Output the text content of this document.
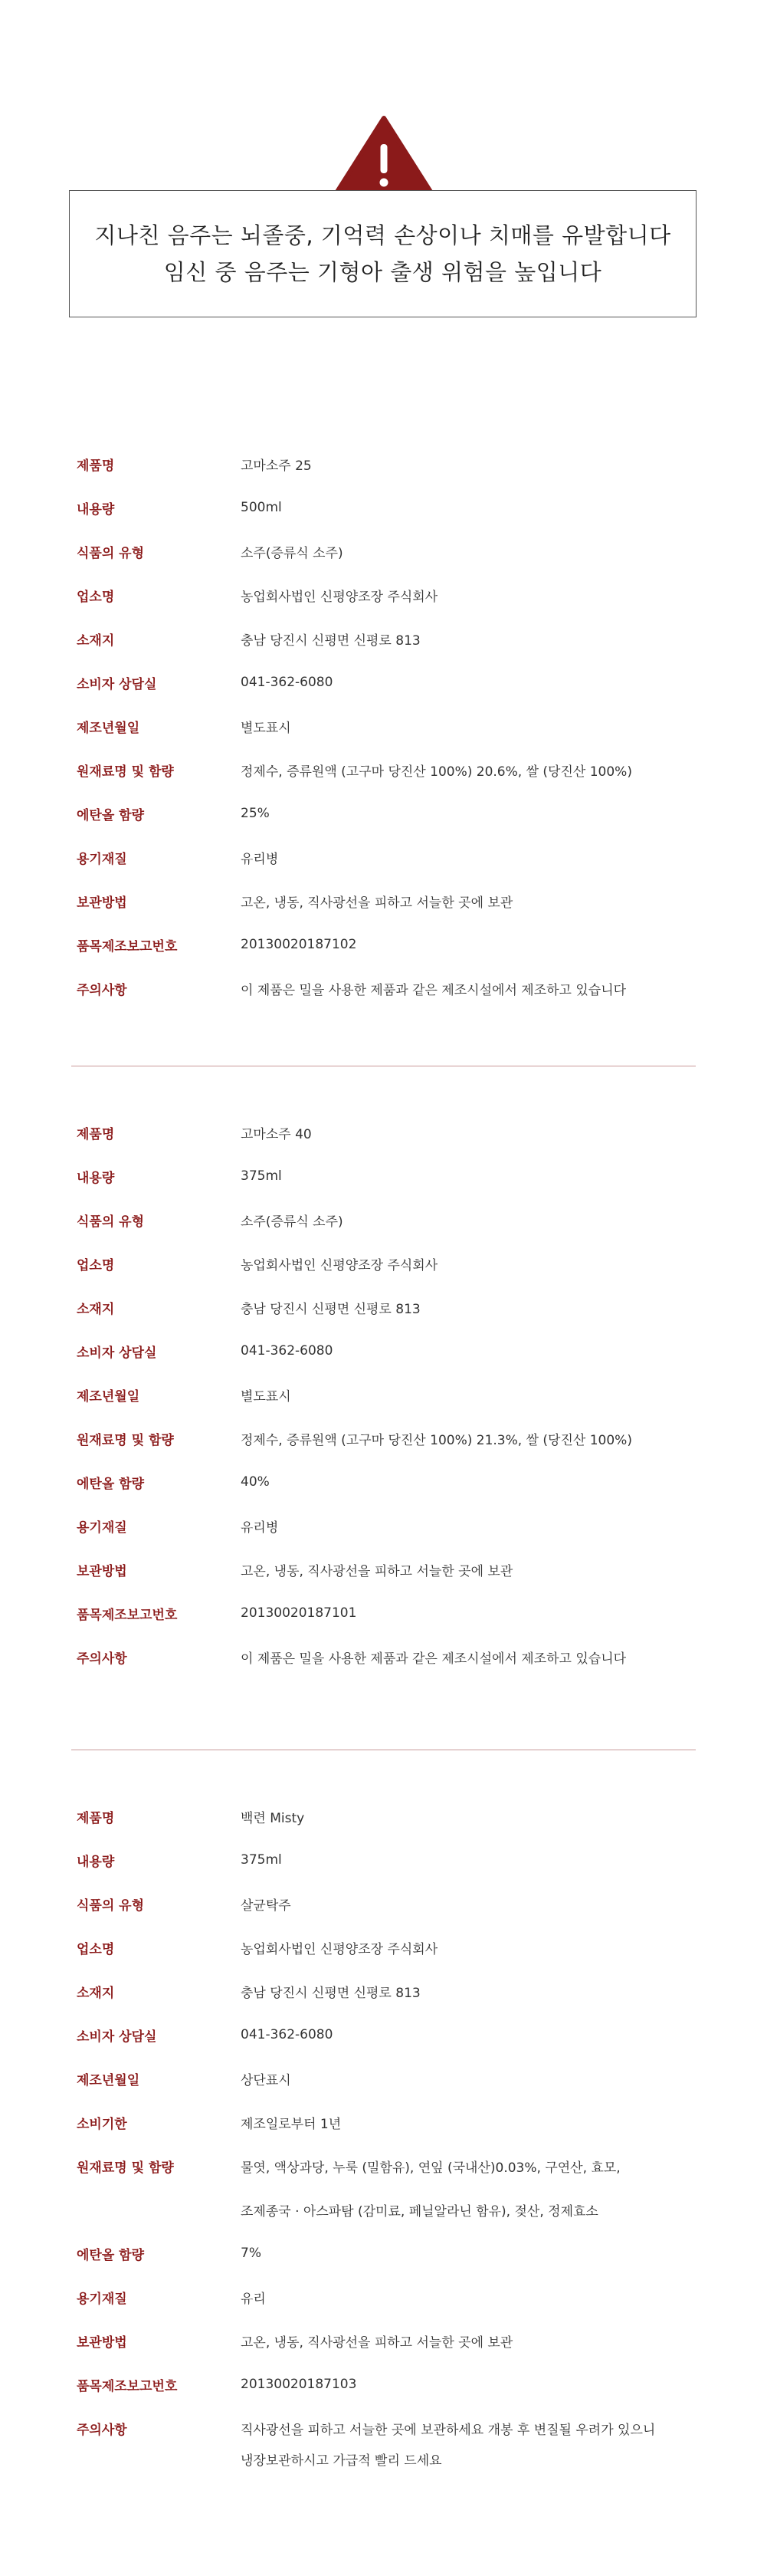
지나친 음주는 뇌졸중, 기억력 손상이나 치매를 유발합니다
임신 중 음주는 기형아 출생 위험을 높입니다
제품명	고마소주 25
내용량	500ml
식품의 유형	소주(증류식 소주)
업소명	농업회사법인 신평양조장 주식회사
소재지	충남 당진시 신평면 신평로 813
소비자 상담실	041-362-6080
제조년월일	별도표시
원재료명 및 함량	정제수, 증류원액 (고구마 당진산 100%) 20.6%, 쌀 (당진산 100%)
에탄올 함량	25%
용기재질	유리병
보관방법	고온, 냉동, 직사광선을 피하고 서늘한 곳에 보관
품목제조보고번호	20130020187102
주의사항	이 제품은 밀을 사용한 제품과 같은 제조시설에서 제조하고 있습니다
제품명	고마소주 40
내용량	375ml
식품의 유형	소주(증류식 소주)
업소명	농업회사법인 신평양조장 주식회사
소재지	충남 당진시 신평면 신평로 813
소비자 상담실	041-362-6080
제조년월일	별도표시
원재료명 및 함량	정제수, 증류원액 (고구마 당진산 100%) 21.3%, 쌀 (당진산 100%)
에탄올 함량	40%
용기재질	유리병
보관방법	고온, 냉동, 직사광선을 피하고 서늘한 곳에 보관
품목제조보고번호	20130020187101
주의사항	이 제품은 밀을 사용한 제품과 같은 제조시설에서 제조하고 있습니다
제품명	백련 Misty
내용량	375ml
식품의 유형	살균탁주
업소명	농업회사법인 신평양조장 주식회사
소재지	충남 당진시 신평면 신평로 813
소비자 상담실	041-362-6080
제조년월일	상단표시
소비기한	제조일로부터 1년
원재료명 및 함량	물엿, 액상과당, 누룩 (밀함유), 연잎 (국내산)0.03%, 구연산, 효모,
조제종국 · 아스파탐 (감미료, 페닐알라닌 함유), 젖산, 정제효소
에탄올 함량	7%
용기재질	유리
보관방법	고온, 냉동, 직사광선을 피하고 서늘한 곳에 보관
품목제조보고번호	20130020187103
주의사항	직사광선을 피하고 서늘한 곳에 보관하세요 개봉 후 변질될 우려가 있으니
냉장보관하시고 가급적 빨리 드세요
